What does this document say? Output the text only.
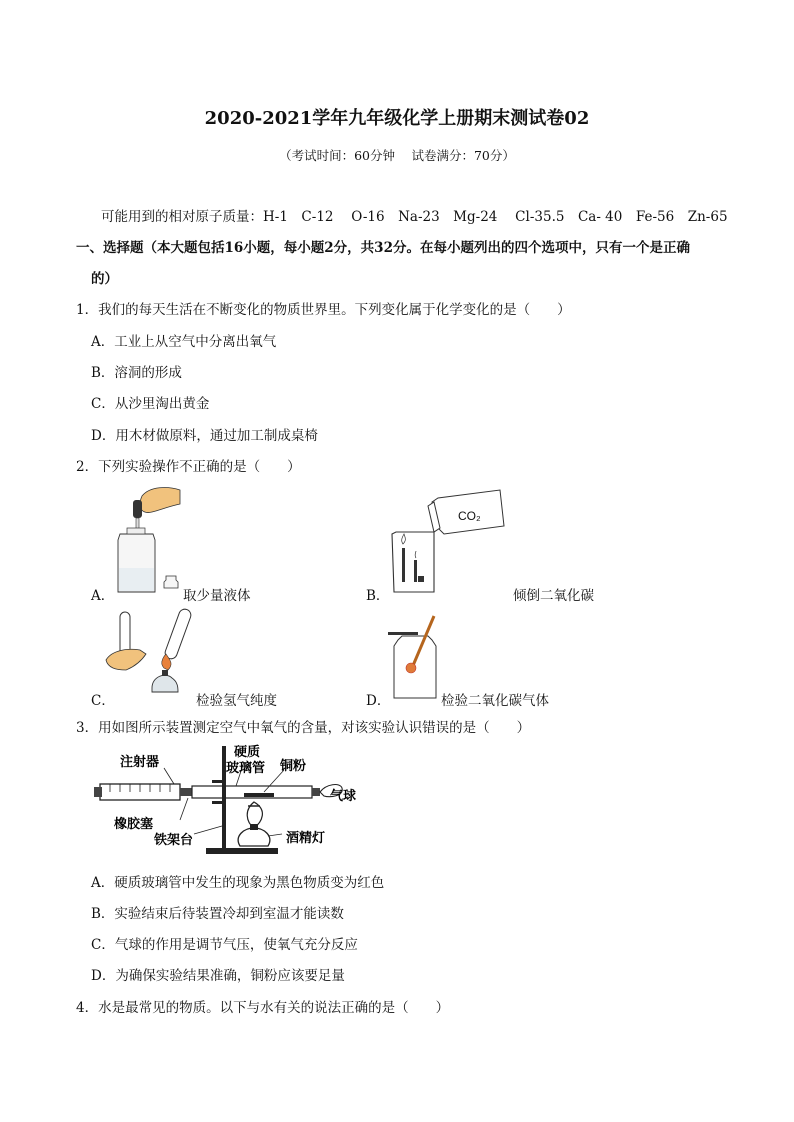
2020-2021学年九年级化学上册期末测试卷02
（考试时间：60分钟　 试卷满分：70分）
可能用到的相对原子质量：H-1　C-12　 O-16　Na-23　Mg-24　 Cl-35.5　Ca- 40　Fe-56　Zn-65
一、选择题（本大题包括16小题，每小题2分，共32分。在每小题列出的四个选项中，只有一个是正确
的）
1．我们的每天生活在不断变化的物质世界里。下列变化属于化学变化的是（　　）
A．工业上从空气中分离出氧气
B．溶洞的形成
C．从沙里淘出黄金
D．用木材做原料，通过加工制成桌椅
2．下列实验操作不正确的是（　　）
A．	取少量液体
CO₂
B．	倾倒二氧化碳
C．	检验氢气纯度	D．	检验二氧化碳气体
3．用如图所示装置测定空气中氧气的含量，对该实验认识错误的是（　　）
注射器
硬质
玻璃管 铜粉
气球
橡胶塞
铁架台	酒精灯
A．硬质玻璃管中发生的现象为黑色物质变为红色
B．实验结束后待装置冷却到室温才能读数
C．气球的作用是调节气压，使氧气充分反应
D．为确保实验结果准确，铜粉应该要足量
4．水是最常见的物质。以下与水有关的说法正确的是（　　）
